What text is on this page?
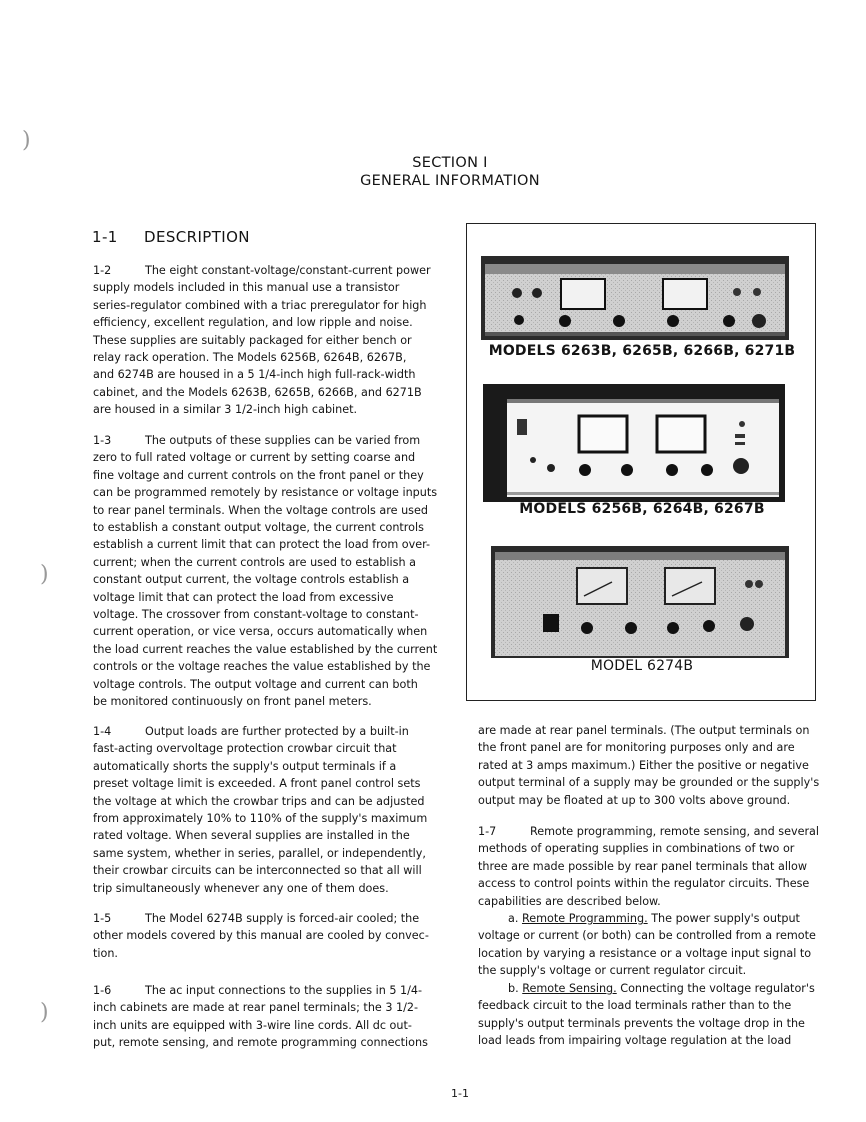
)
)
)
SECTION I
GENERAL INFORMATION
1-1 DESCRIPTION

1-2	The eight constant-voltage/constant-current power
supply models included in this manual use a transistor
series-regulator combined with a triac preregulator for high
efficiency, excellent regulation, and low ripple and noise.
These supplies are suitably packaged for either bench or
relay rack operation. The Models 6256B, 6264B, 6267B,
and 6274B are housed in a 5 1/4-inch high full-rack-width
cabinet, and the Models 6263B, 6265B, 6266B, and 6271B
are housed in a similar 3 1/2-inch high cabinet.

1-3	The outputs of these supplies can be varied from
zero to full rated voltage or current by setting coarse and
fine voltage and current controls on the front panel or they
can be programmed remotely by resistance or voltage inputs
to rear panel terminals. When the voltage controls are used
to establish a constant output voltage, the current controls
establish a current limit that can protect the load from over-
current; when the current controls are used to establish a
constant output current, the voltage controls establish a
voltage limit that can protect the load from excessive
voltage. The crossover from constant-voltage to constant-
current operation, or vice versa, occurs automatically when
the load current reaches the value established by the current
controls or the voltage reaches the value established by the
voltage controls. The output voltage and current can both
be monitored continuously on front panel meters.

1-4	Output loads are further protected by a built-in
fast-acting overvoltage protection crowbar circuit that
automatically shorts the supply's output terminals if a
preset voltage limit is exceeded. A front panel control sets
the voltage at which the crowbar trips and can be adjusted
from approximately 10% to 110% of the supply's maximum
rated voltage. When several supplies are installed in the
same system, whether in series, parallel, or independently,
their crowbar circuits can be interconnected so that all will
trip simultaneously whenever any one of them does.

1-5	The Model 6274B supply is forced-air cooled; the
other models covered by this manual are cooled by convec-
tion.

1-6	The ac input connections to the supplies in 5 1/4-
inch cabinets are made at rear panel terminals; the 3 1/2-
inch units are equipped with 3-wire line cords. All dc out-
put, remote sensing, and remote programming connections

MODELS 6263B, 6265B, 6266B, 6271B
MODELS 6256B, 6264B, 6267B
MODEL 6274B

are made at rear panel terminals. (The output terminals on
the front panel are for monitoring purposes only and are
rated at 3 amps maximum.) Either the positive or negative
output terminal of a supply may be grounded or the supply's
output may be floated at up to 300 volts above ground.

1-7	Remote programming, remote sensing, and several
methods of operating supplies in combinations of two or
three are made possible by rear panel terminals that allow
access to control points within the regulator circuits. These
capabilities are described below.

a. Remote Programming. The power supply's output
voltage or current (or both) can be controlled from a remote
location by varying a resistance or a voltage input signal to
the supply's voltage or current regulator circuit.

b. Remote Sensing. Connecting the voltage regulator's
feedback circuit to the load terminals rather than to the
supply's output terminals prevents the voltage drop in the
load leads from impairing voltage regulation at the load

1-1
